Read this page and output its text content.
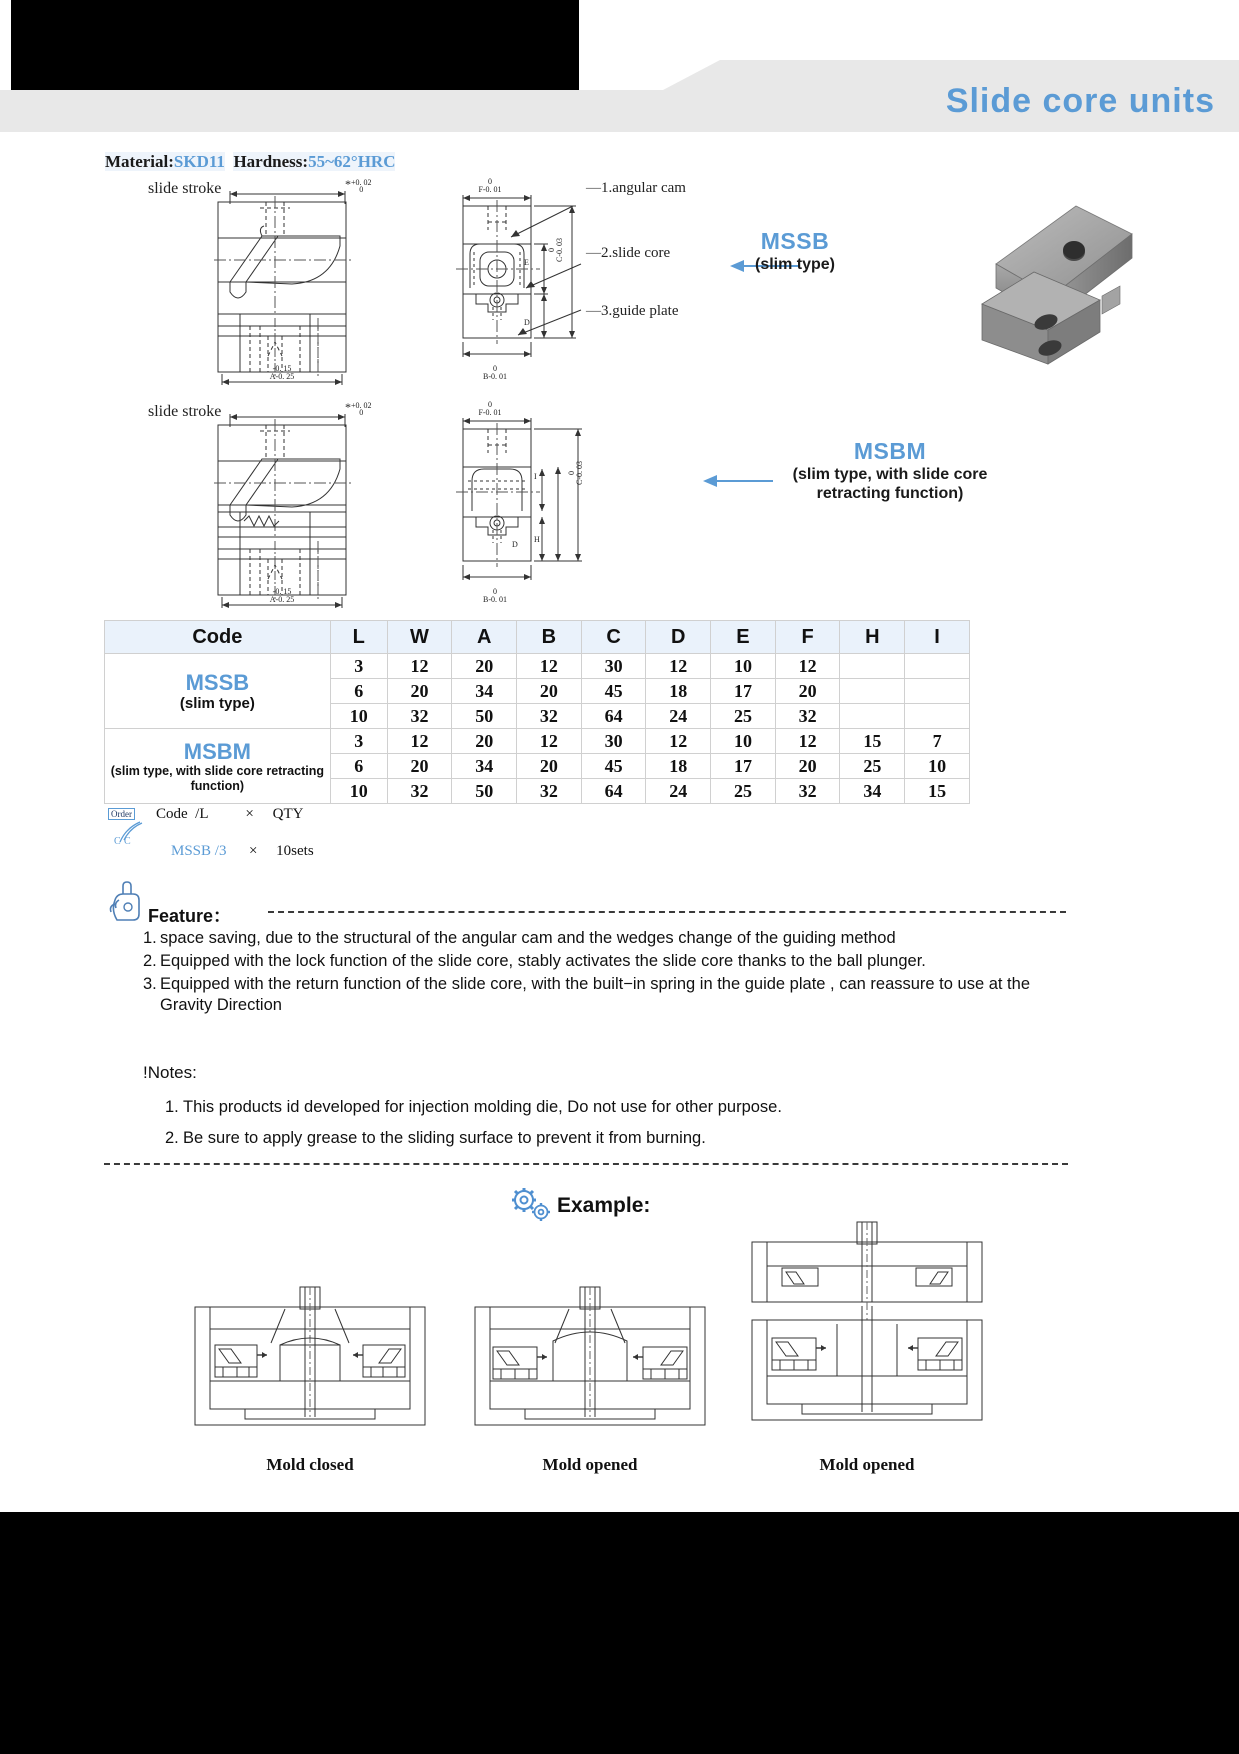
Slide core units
Material:SKD11 Hardness:55~62°HRC
slide stroke	* +0. 02
0
-0. 15
A-0. 25
0
F-0. 01
E
D
0 C-0. 03
0
B-0. 01
—1.angular cam
—2.slide core
—3.guide plate
MSSB
(slim type)
slide stroke	* +0. 02
0
-0. 15
A-0. 25
0
F-0. 01
I
H
D
0 C-0. 03
0
B-0. 01
MSBM
(slim type, with slide core
retracting function)
Code	L	W	A	B	C	D	E	F	H	I

MSSB
(slim type)	3	12	20	12	30	12	10	12		
	6	20	34	20	45	18	17	20		
	10	32	50	32	64	24	25	32		

MSBM
(slim type, with slide core retracting function)	3	12	20	12	30	12	10	12	15	7
	6	20	34	20	45	18	17	20	25	10
	10	32	50	32	64	24	25	32	34	15
Order
C C
Code  /L          ×     QTY

MSSB /3 × 10sets

Feature：
1. space saving, due to the structural of the angular cam and the wedges change of the guiding method
2. Equipped with the lock function of the slide core, stably activates the slide core thanks to the ball plunger.
3. Equipped with the return function of the slide core, with the built−in spring in the guide plate , can reassure to use at the Gravity Direction
!Notes:
1. This products id developed for injection molding die, Do not use for other purpose.
2. Be sure to apply grease to the sliding surface to prevent it from burning.
Example:
Mold closed	Mold opened	Mold opened
